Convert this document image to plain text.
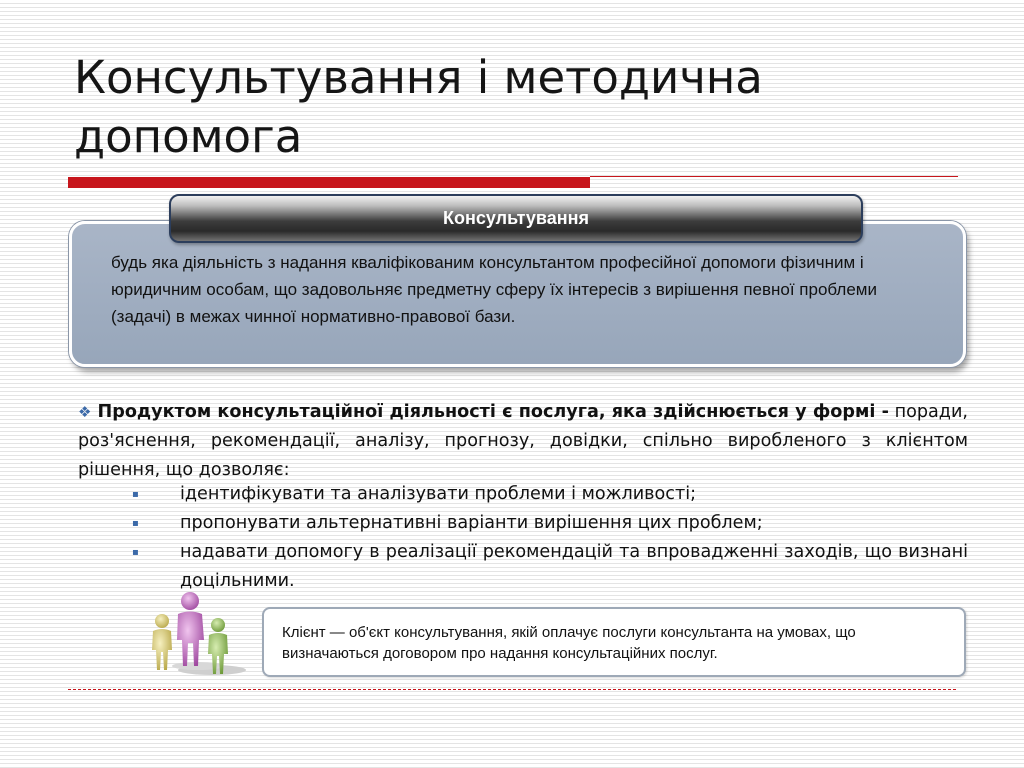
Консультування і методична допомога
Консультування

будь яка діяльність з надання кваліфікованим консультантом професійної допомоги фізичним і юридичним особам, що задовольняє предметну сферу їх інтересів з вирішення певної проблеми (задачі) в межах чинної нормативно-правової бази.

❖ Продуктом консультаційної діяльності є послуга, яка здійснюється у формі - поради, роз'яснення, рекомендації, аналізу, прогнозу, довідки, спільно виробленого з клієнтом рішення, що дозволяє:

▪	ідентифікувати та аналізувати проблеми і можливості;
▪	пропонувати альтернативні варіанти вирішення цих проблем;
▪	надавати допомогу в реалізації рекомендацій та впровадженні заходів, що визнані доцільними.
Клієнт — об'єкт консультування, якій оплачує послуги консультанта на умовах, що визначаються договором про надання консультаційних послуг.
